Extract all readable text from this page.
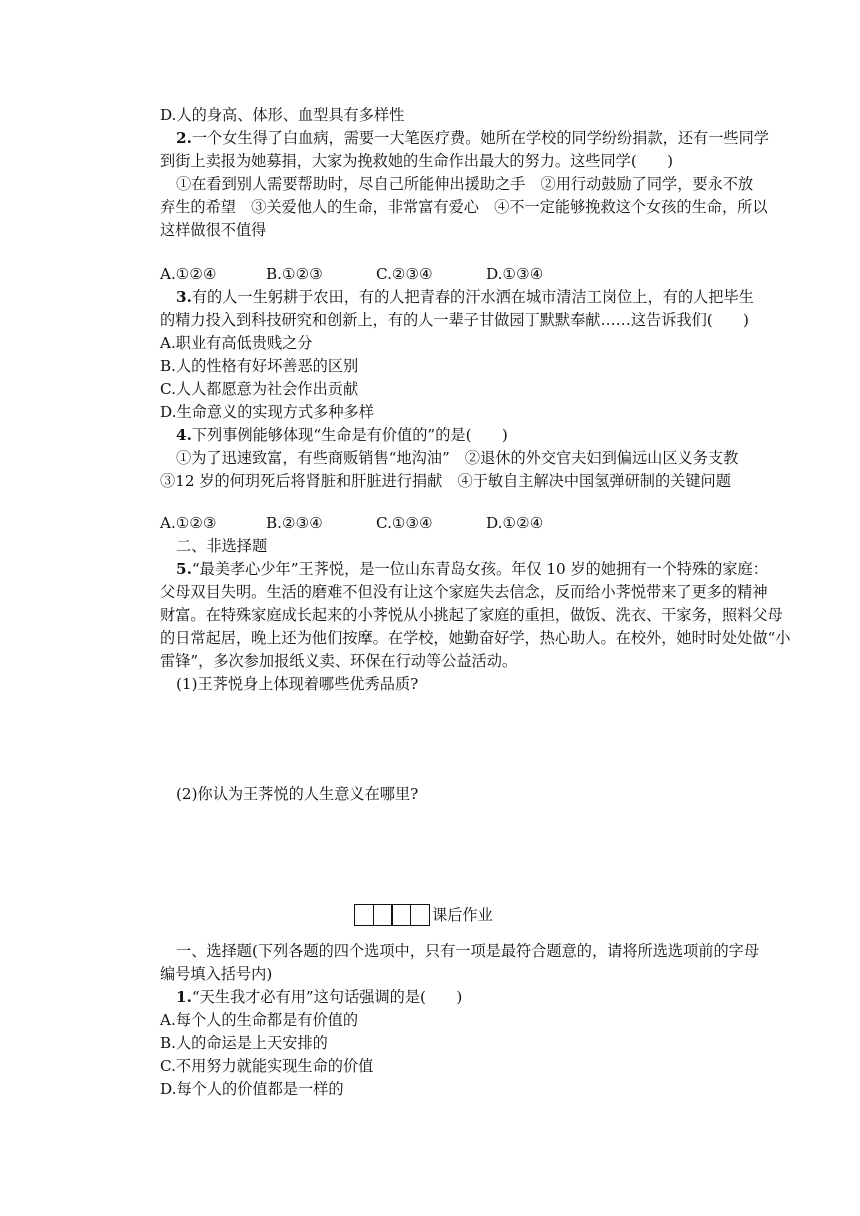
D.人的身高、体形、血型具有多样性
2.一个女生得了白血病，需要一大笔医疗费。她所在学校的同学纷纷捐款，还有一些同学
到街上卖报为她募捐，大家为挽救她的生命作出最大的努力。这些同学(　　)
①在看到别人需要帮助时，尽自己所能伸出援助之手　②用行动鼓励了同学，要永不放
弃生的希望　③关爱他人的生命，非常富有爱心　④不一定能够挽救这个女孩的生命，所以
这样做很不值得
A.①②④	B.①②③	C.②③④	D.①③④
3.有的人一生躬耕于农田，有的人把青春的汗水洒在城市清洁工岗位上，有的人把毕生
的精力投入到科技研究和创新上，有的人一辈子甘做园丁默默奉献……这告诉我们(　　)
A.职业有高低贵贱之分
B.人的性格有好坏善恶的区别
C.人人都愿意为社会作出贡献
D.生命意义的实现方式多种多样
4.下列事例能够体现“生命是有价值的”的是(　　)
①为了迅速致富，有些商贩销售“地沟油”　②退休的外交官夫妇到偏远山区义务支教
③12 岁的何玥死后将肾脏和肝脏进行捐献　④于敏自主解决中国氢弹研制的关键问题
A.①②③	B.②③④	C.①③④	D.①②④
二、非选择题
5.“最美孝心少年”王荠悦，是一位山东青岛女孩。年仅 10 岁的她拥有一个特殊的家庭：
父母双目失明。生活的磨难不但没有让这个家庭失去信念，反而给小荠悦带来了更多的精神
财富。在特殊家庭成长起来的小荠悦从小挑起了家庭的重担，做饭、洗衣、干家务，照料父母
的日常起居，晚上还为他们按摩。在学校，她勤奋好学，热心助人。在校外，她时时处处做“小
雷锋”，多次参加报纸义卖、环保在行动等公益活动。
(1)王荠悦身上体现着哪些优秀品质?
(2)你认为王荠悦的人生意义在哪里?
课后作业
一、选择题(下列各题的四个选项中，只有一项是最符合题意的，请将所选选项前的字母
编号填入括号内)
1.“天生我才必有用”这句话强调的是(　　)
A.每个人的生命都是有价值的
B.人的命运是上天安排的
C.不用努力就能实现生命的价值
D.每个人的价值都是一样的
